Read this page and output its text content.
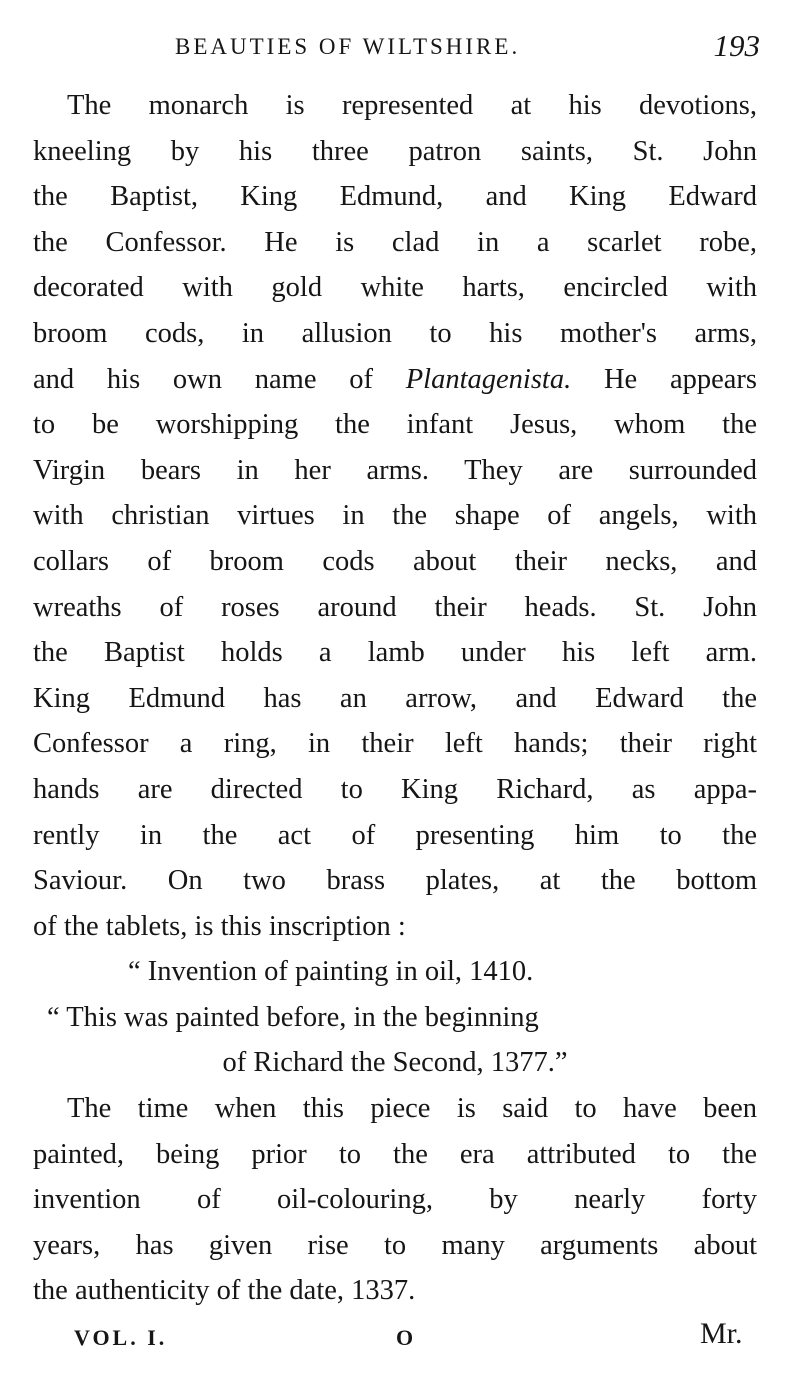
BEAUTIES OF WILTSHIRE.	193
The monarch is represented at his devotions,
kneeling by his three patron saints, St. John
the Baptist, King Edmund, and King Edward
the Confessor. He is clad in a scarlet robe,
decorated with gold white harts, encircled with
broom cods, in allusion to his mother's arms,
and his own name of Plantagenista. He appears
to be worshipping the infant Jesus, whom the
Virgin bears in her arms. They are surrounded
with christian virtues in the shape of angels, with
collars of broom cods about their necks, and
wreaths of roses around their heads. St. John
the Baptist holds a lamb under his left arm.
King Edmund has an arrow, and Edward the
Confessor a ring, in their left hands; their right
hands are directed to King Richard, as appa-
rently in the act of presenting him to the
Saviour. On two brass plates, at the bottom
of the tablets, is this inscription :
“ Invention of painting in oil, 1410.
“ This was painted before, in the beginning
of Richard the Second, 1377.”
The time when this piece is said to have been
painted, being prior to the era attributed to the
invention of oil-colouring, by nearly forty
years, has given rise to many arguments about
the authenticity of the date, 1337.
VOL. I.	O	Mr.
